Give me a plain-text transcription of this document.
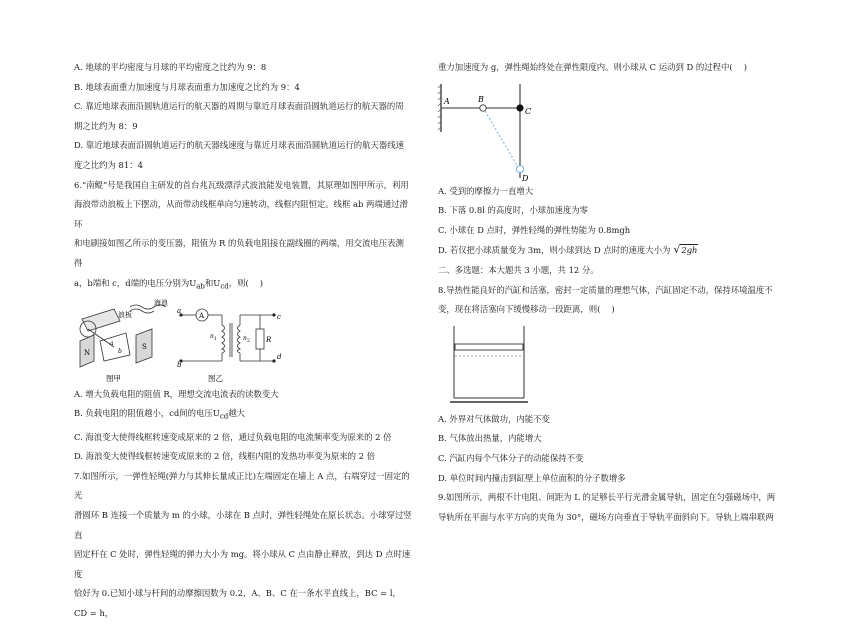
A. 地球的平均密度与月球的平均密度之比约为 9：8

B. 地球表面重力加速度与月球表面重力加速度之比约为 9：4

C. 靠近地球表面沿圆轨道运行的航天器的周期与靠近月球表面沿圆轨道运行的航天器的周

期之比约为 8：9

D. 靠近地球表面沿圆轨道运行的航天器线速度与靠近月球表面沿圆轨道运行的航天器线速

度之比约为 81：4

6.“南鲲”号是我国自主研发的首台兆瓦级漂浮式波浪能发电装置，其原理如图甲所示，利用

海浪带动浪板上下摆动，从而带动线框单向匀速转动，线框内阻恒定。线框 ab 两端通过滑环

和电刷接如图乙所示的变压器，阻值为 R 的负载电阻接在副线圈的两端，用交流电压表测得

a，b端和 c，d端的电压分别为$U_{ab}$和$U_{cd}$，则(　 )

海浪
浪板
N
S
a
b
图甲
a
b
A
n 1	n 2 R
c
d
图乙

A. 增大负载电阻的阻值 R，理想交流电流表的读数变大

B. 负载电阻的阻值越小，cd间的电压$U_{cd}$越大

C. 海浪变大使得线框转速变成原来的 2 倍，通过负载电阻的电流频率变为原来的 2 倍

D. 海浪变大使得线框转速变成原来的 2 倍，线框内阻的发热功率变为原来的 2 倍

7.如图所示，一弹性轻绳(弹力与其伸长量成正比)左端固定在墙上 A 点，右端穿过一固定的光

滑圆环 B 连接一个质量为 m 的小球，小球在 B 点时，弹性轻绳处在原长状态。小球穿过竖直

固定杆在 C 处时，弹性轻绳的弹力大小为 mg。将小球从 C 点由静止释放，到达 D 点时速度

恰好为 0.已知小球与杆间的动摩擦因数为 0.2，A、B、C 在一条水平直线上，BC = l，CD = h，

重力加速度为 g，弹性绳始终处在弹性限度内。则小球从 C 运动到 D 的过程中(　 )

A	B
C
D

A. 受到的摩擦力一直增大

B. 下落 0.8l 的高度时，小球加速度为零

C. 小球在 D 点时，弹性轻绳的弹性势能为 0.8mgh

D. 若仅把小球质量变为 3m，则小球到达 D 点时的速度大小为 √2gh

二、多选题：本大题共 3 小题，共 12 分。

8.导热性能良好的汽缸和活塞，密封一定质量的理想气体，汽缸固定不动，保持环境温度不

变，现在将活塞向下缓慢移动一段距离，则(　 )

A. 外界对气体做功，内能不变

B. 气体放出热量，内能增大

C. 汽缸内每个气体分子的动能保持不变

D. 单位时间内撞击到缸壁上单位面积的分子数增多

9.如图所示，两根不计电阻、间距为 L 的足够长平行光滑金属导轨，固定在匀强磁场中，两

导轨所在平面与水平方向的夹角为 30°，磁场方向垂直于导轨平面斜向下。导轨上端串联两
